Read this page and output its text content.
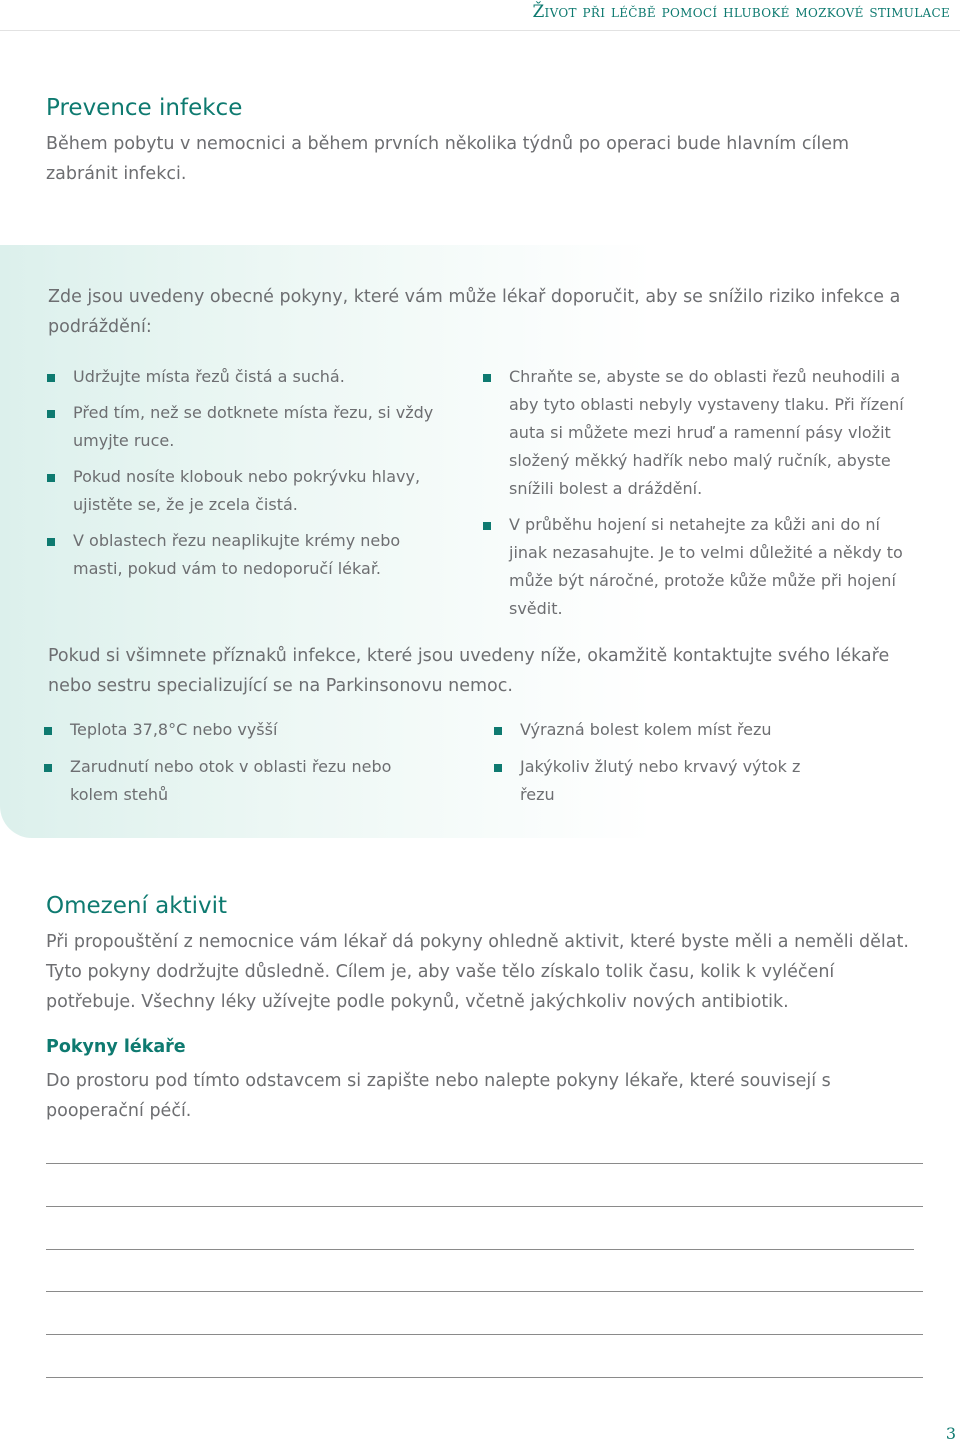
Život při léčbě pomocí hluboké mozkové stimulace
Prevence infekce

Během pobytu v nemocnici a během prvních několika týdnů po operaci bude hlavním cílem zabránit infekci.

Zde jsou uvedeny obecné pokyny, které vám může lékař doporučit, aby se snížilo riziko infekce a podráždění:

Udržujte místa řezů čistá a suchá.
Před tím, než se dotknete místa řezu, si vždy umyjte ruce.
Pokud nosíte klobouk nebo pokrývku hlavy, ujistěte se, že je zcela čistá.
V oblastech řezu neaplikujte krémy nebo masti, pokud vám to nedoporučí lékař.
Chraňte se, abyste se do oblasti řezů neuhodili a aby tyto oblasti nebyly vystaveny tlaku. Při řízení auta si můžete mezi hruď a ramenní pásy vložit složený měkký hadřík nebo malý ručník, abyste snížili bolest a dráždění.
V průběhu hojení si netahejte za kůži ani do ní jinak nezasahujte. Je to velmi důležité a někdy to může být náročné, protože kůže může při hojení svědit.

Pokud si všimnete příznaků infekce, které jsou uvedeny níže, okamžitě kontaktujte svého lékaře nebo sestru specializující se na Parkinsonovu nemoc.

Teplota 37,8°C nebo vyšší
Zarudnutí nebo otok v oblasti řezu nebo kolem stehů
Výrazná bolest kolem míst řezu
Jakýkoliv žlutý nebo krvavý výtok z řezu
Omezení aktivit

Při propouštění z nemocnice vám lékař dá pokyny ohledně aktivit, které byste měli a neměli dělat. Tyto pokyny dodržujte důsledně. Cílem je, aby vaše tělo získalo tolik času, kolik k vyléčení potřebuje. Všechny léky užívejte podle pokynů, včetně jakýchkoliv nových antibiotik.

Pokyny lékaře

Do prostoru pod tímto odstavcem si zapište nebo nalepte pokyny lékaře, které souvisejí s pooperační péčí.

3
